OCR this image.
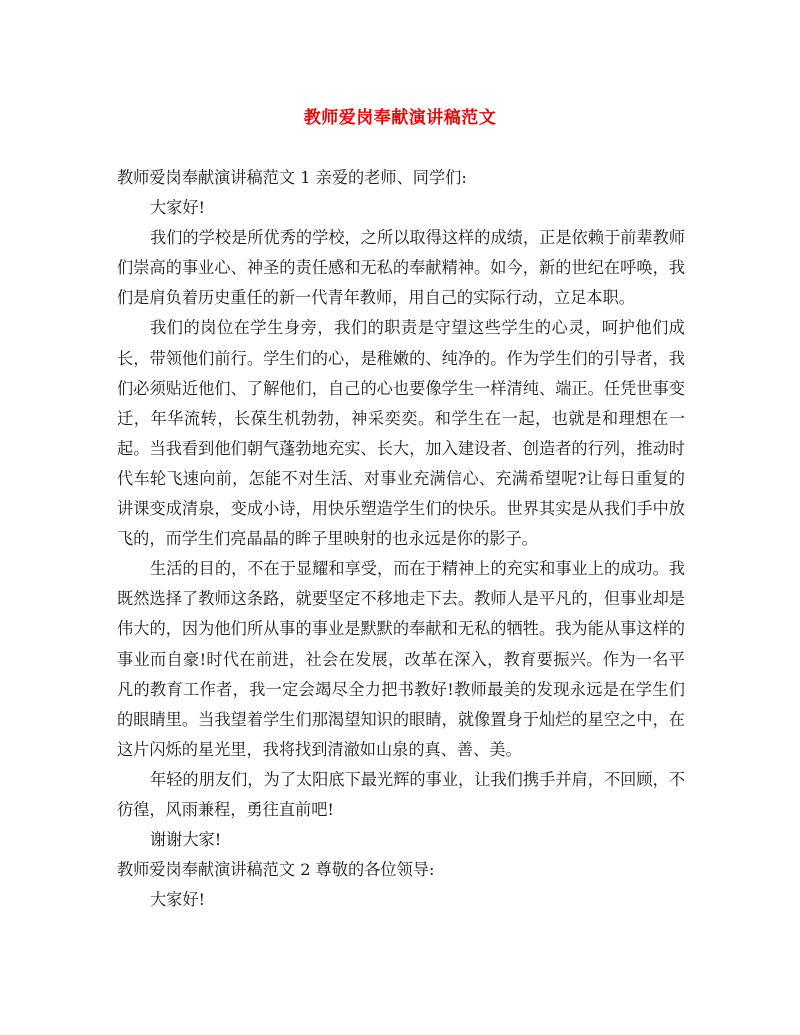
教师爱岗奉献演讲稿范文

教师爱岗奉献演讲稿范文 1 亲爱的老师、同学们:

大家好!

我们的学校是所优秀的学校，之所以取得这样的成绩，正是依赖于前辈教师们崇高的事业心、神圣的责任感和无私的奉献精神。如今，新的世纪在呼唤，我们是肩负着历史重任的新一代青年教师，用自己的实际行动，立足本职。

我们的岗位在学生身旁，我们的职责是守望这些学生的心灵，呵护他们成长，带领他们前行。学生们的心，是稚嫩的、纯净的。作为学生们的引导者，我们必须贴近他们、了解他们，自己的心也要像学生一样清纯、端正。任凭世事变迁，年华流转，长葆生机勃勃，神采奕奕。和学生在一起，也就是和理想在一起。当我看到他们朝气蓬勃地充实、长大，加入建设者、创造者的行列，推动时代车轮飞速向前，怎能不对生活、对事业充满信心、充满希望呢?让每日重复的讲课变成清泉，变成小诗，用快乐塑造学生们的快乐。世界其实是从我们手中放飞的，而学生们亮晶晶的眸子里映射的也永远是你的影子。

生活的目的，不在于显耀和享受，而在于精神上的充实和事业上的成功。我既然选择了教师这条路，就要坚定不移地走下去。教师人是平凡的，但事业却是伟大的，因为他们所从事的事业是默默的奉献和无私的牺牲。我为能从事这样的事业而自豪!时代在前进，社会在发展，改革在深入，教育要振兴。作为一名平凡的教育工作者，我一定会竭尽全力把书教好!教师最美的发现永远是在学生们的眼睛里。当我望着学生们那渴望知识的眼睛，就像置身于灿烂的星空之中，在这片闪烁的星光里，我将找到清澈如山泉的真、善、美。

年轻的朋友们，为了太阳底下最光辉的事业，让我们携手并肩，不回顾，不彷徨，风雨兼程，勇往直前吧!

谢谢大家!

教师爱岗奉献演讲稿范文 2 尊敬的各位领导:

大家好!
